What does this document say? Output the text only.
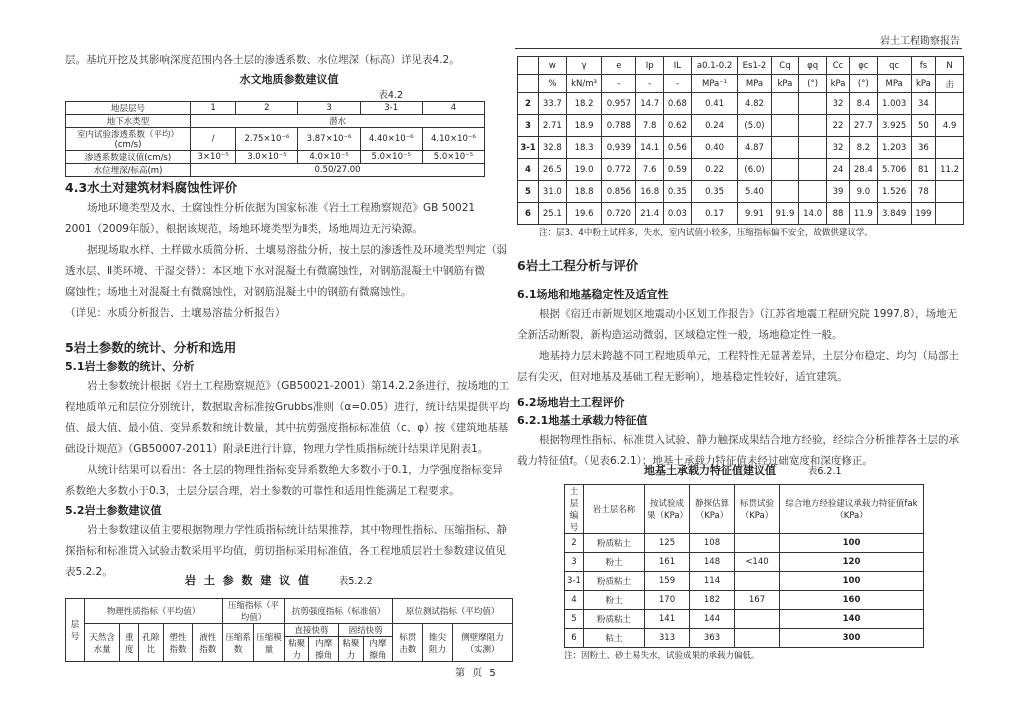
岩土工程勘察报告

层。基坑开挖及其影响深度范围内各土层的渗透系数、水位埋深（标高）详见表4.2。

水文地质参数建议值
表4.2
地层层号	1	2	3	3-1	4
地下水类型	潜水				
室内试验渗透系数（平均）(cm/s)	/	2.75×10⁻⁶	3.87×10⁻⁶	4.40×10⁻⁶	4.10×10⁻⁶
渗透系数建议值(cm/s)	3×10⁻⁵	3.0×10⁻⁵	4.0×10⁻⁵	5.0×10⁻⁵	5.0×10⁻⁵
水位埋深/标高(m)	0.50/27.00				
4.3水土对建筑材料腐蚀性评价

场地环境类型及水、土腐蚀性分析依据为国家标准《岩土工程勘察规范》GB 50021

2001（2009年版），根据该规范，场地环境类型为Ⅱ类，场地周边无污染源。

据现场取水样、土样做水质简分析、土壤易溶盐分析，按土层的渗透性及环境类型判定（弱

透水层、Ⅱ类环境、干湿交替）：本区地下水对混凝土有微腐蚀性，对钢筋混凝土中钢筋有微

腐蚀性；场地土对混凝土有微腐蚀性，对钢筋混凝土中的钢筋有微腐蚀性。

（详见：水质分析报告、土壤易溶盐分析报告）

5岩土参数的统计、分析和选用
5.1岩土参数的统计、分析

岩土参数统计根据《岩土工程勘察规范》（GB50021-2001）第14.2.2条进行，按场地的工程地质单元和层位分别统计，数据取舍标准按Grubbs准则（α=0.05）进行，统计结果提供平均值、最大值、最小值、变异系数和统计数量，其中抗剪强度指标标准值（c、φ）按《建筑地基基础设计规范》（GB50007-2011）附录E进行计算，物理力学性质指标统计结果详见附表1。

从统计结果可以看出：各土层的物理性指标变异系数绝大多数小于0.1，力学强度指标变异系数绝大多数小于0.3，土层分层合理，岩土参数的可靠性和适用性能满足工程要求。

5.2岩土参数建议值

岩土参数建议值主要根据物理力学性质指标统计结果推荐，其中物理性指标、压缩指标、静探指标和标准贯入试验击数采用平均值，剪切指标采用标准值，各工程地质层岩土参数建议值见表5.2.2。

岩 土 参 数 建 议 值	表5.2.2
层号	物理性质指标（平均值）					压缩指标（平均值）		抗剪强度指标（标准值）				原位测试指标（平均值）		
	天然含水量	重度	孔隙比	塑性指数	液性指数	压缩系数	压缩模量	直接快剪		固结快剪		标贯击数	锥尖阻力	侧壁摩阻力（实测）
								粘聚力	内摩擦角	粘聚力	内摩擦角			
	w	γ	e	Ip	IL	a0.1-0.2	Es1-2	Cq	φq	Cc	φc	qc	fs	N
	%	kN/m³	-	-	-	MPa⁻¹	MPa	kPa	(°)	kPa	(°)	MPa	kPa	击
2	33.7	18.2	0.957	14.7	0.68	0.41	4.82			32	8.4	1.003	34	
3	2.71	18.9	0.788	7.8	0.62	0.24	(5.0)			22	27.7	3.925	50	4.9
3-1	32.8	18.3	0.939	14.1	0.56	0.40	4.87			32	8.2	1.203	36	
4	26.5	19.0	0.772	7.6	0.59	0.22	(6.0)			24	28.4	5.706	81	11.2
5	31.0	18.8	0.856	16.8	0.35	0.35	5.40			39	9.0	1.526	78	
6	25.1	19.6	0.720	21.4	0.03	0.17	9.91	91.9	14.0	88	11.9	3.849	199	
注：层3、4中粉土试样多，失水，室内试值小较多，压缩指标偏不安全，故做供建议学。
6岩土工程分析与评价
6.1场地和地基稳定性及适宜性

根据《宿迁市新规划区地震动小区划工作报告》（江苏省地震工程研究院 1997.8），场地无全新活动断裂，新构造运动微弱，区域稳定性一般，场地稳定性一般。

地基持力层未跨越不同工程地质单元，工程特性无显著差异，土层分布稳定、均匀（局部土层有尖灭，但对地基及基础工程无影响），地基稳定性较好，适宜建筑。

6.2场地岩土工程评价
6.2.1地基土承载力特征值

根据物理性指标、标准贯入试验、静力触探成果结合地方经验，经综合分析推荐各土层的承载力特征值f。（见表6.2.1）；地基土承载力特征值未经过础宽度和深度修正。

地基土承载力特征值建议值	表6.2.1
土层编号	岩土层名称	按试验成果（KPa）	静探估算（KPa）	标贯试验（KPa）	综合地方经验建议承载力特征值fak（KPa）
2	粉质粘土	125	108		100
3	粉土	161	148	<140	120
3-1	粉质粘土	159	114		100
4	粉土	170	182	167	160
5	粉质粘土	141	144		140
6	粘土	313	363		300
注：因粉土、砂土易失水，试验成果的承载力偏低。
第 页 5
